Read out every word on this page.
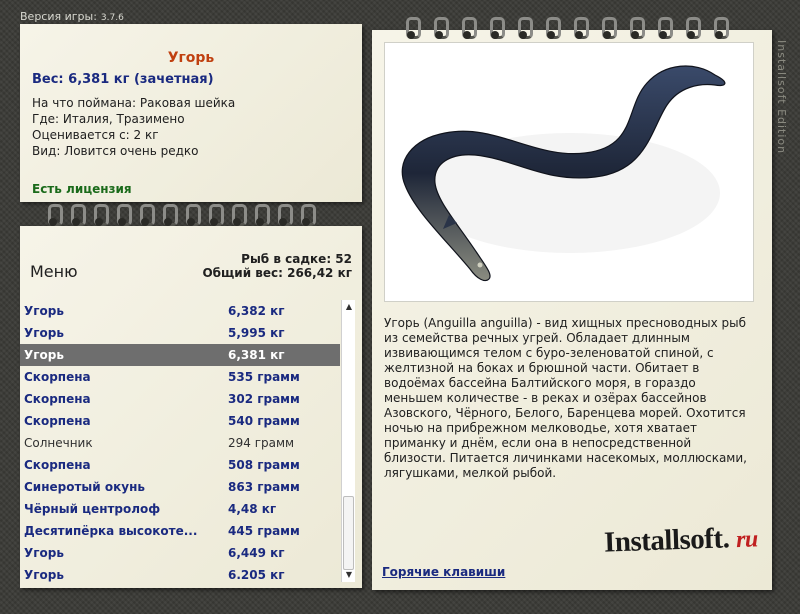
Версия игры: 3.7.6
Installsoft Edition
Угорь
Вес: 6,381 кг (зачетная)
На что поймана: Раковая шейка
Где: Италия, Тразимено
Оценивается с: 2 кг
Вид: Ловится очень редко
Есть лицензия
Меню
Рыб в садке: 52
Общий вес: 266,42 кг
Угорь	6,382 кг
Угорь	5,995 кг
Угорь	6,381 кг
Скорпена	535 грамм
Скорпена	302 грамм
Скорпена	540 грамм
Солнечник	294 грамм
Скорпена	508 грамм
Синеротый окунь	863 грамм
Чёрный центролоф	4,48 кг
Десятипёрка высокоте...	445 грамм
Угорь	6,449 кг
Угорь	6.205 кг
▲
▼
Угорь (Anguilla anguilla) - вид хищных пресноводных рыб из семейства речных угрей. Обладает длинным извивающимся телом с буро-зеленоватой спиной, с желтизной на боках и брюшной части. Обитает в водоёмах бассейна Балтийского моря, в гораздо меньшем количестве - в реках и озёрах бассейнов Азовского, Чёрного, Белого, Баренцева морей. Охотится ночью на прибрежном мелководье, хотя хватает приманку и днём, если она в непосредственной близости. Питается личинками насекомых, моллюсками, лягушками, мелкой рыбой.
Installsoft. ru
Горячие клавиши
